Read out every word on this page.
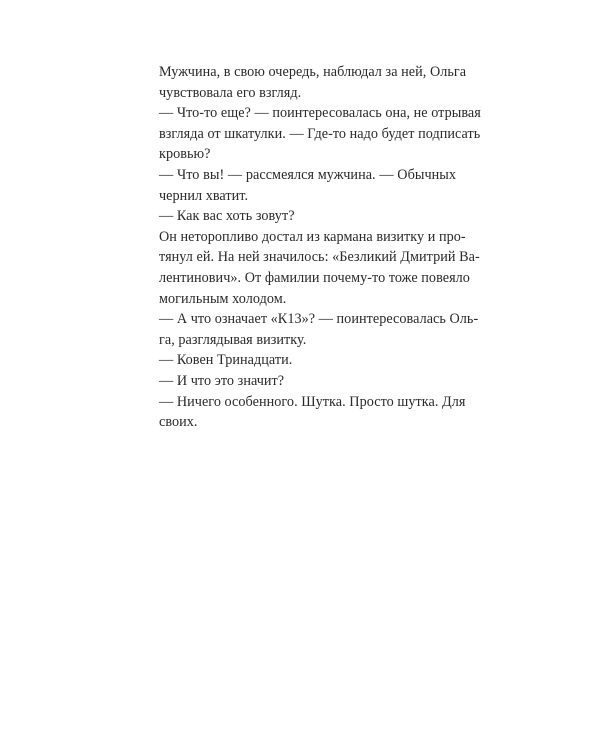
Мужчина, в свою очередь, наблюдал за ней, Ольга
чувствовала его взгляд.
— Что-то еще? — поинтересовалась она, не отрывая
взгляда от шкатулки. — Где-то надо будет подписать
кровью?
— Что вы! — рассмеялся мужчина. — Обычных
чернил хватит.
— Как вас хоть зовут?
Он неторопливо достал из кармана визитку и про-
тянул ей. На ней значилось: «Безликий Дмитрий Ва-
лентинович». От фамилии почему-то тоже повеяло
могильным холодом.
— А что означает «К13»? — поинтересовалась Оль-
га, разглядывая визитку.
— Ковен Тринадцати.
— И что это значит?
— Ничего особенного. Шутка. Просто шутка. Для
своих.
